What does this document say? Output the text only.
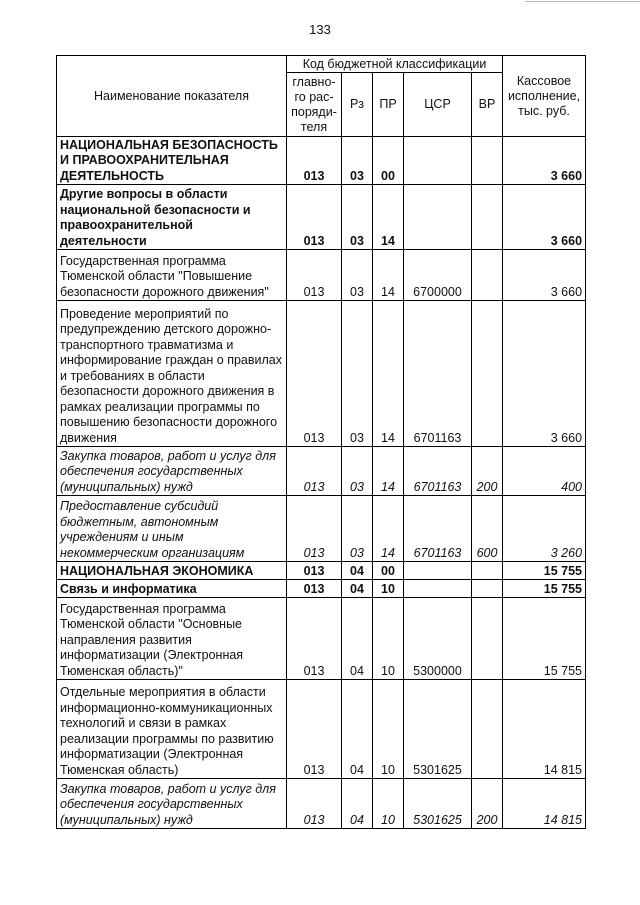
133
Наименование показателя	Код бюджетной классификации					Кассовое исполнение, тыс. руб.
	главно-го рас-поряди-теля	Рз	ПР	ЦСР	ВР	
НАЦИОНАЛЬНАЯ БЕЗОПАСНОСТЬ И ПРАВООХРАНИТЕЛЬНАЯ ДЕЯТЕЛЬНОСТЬ	013	03	00			3 660
Другие вопросы в области национальной безопасности и правоохранительной деятельности	013	03	14			3 660
Государственная программа Тюменской области "Повышение безопасности дорожного движения"	013	03	14	6700000		3 660
Проведение мероприятий по предупреждению детского дорожно-транспортного травматизма и информирование граждан о правилах и требованиях в области безопасности дорожного движения в рамках реализации программы по повышению безопасности дорожного движения	013	03	14	6701163		3 660
Закупка товаров, работ и услуг для обеспечения государственных (муниципальных) нужд	013	03	14	6701163	200	400
Предоставление субсидий бюджетным, автономным учреждениям и иным некоммерческим организациям	013	03	14	6701163	600	3 260
НАЦИОНАЛЬНАЯ ЭКОНОМИКА	013	04	00			15 755
Связь и информатика	013	04	10			15 755
Государственная программа Тюменской области "Основные направления развития информатизации (Электронная Тюменская область)"	013	04	10	5300000		15 755
Отдельные мероприятия в области информационно-коммуникационных технологий и связи в рамках реализации программы по развитию информатизации (Электронная Тюменская область)	013	04	10	5301625		14 815
Закупка товаров, работ и услуг для обеспечения государственных (муниципальных) нужд	013	04	10	5301625	200	14 815
